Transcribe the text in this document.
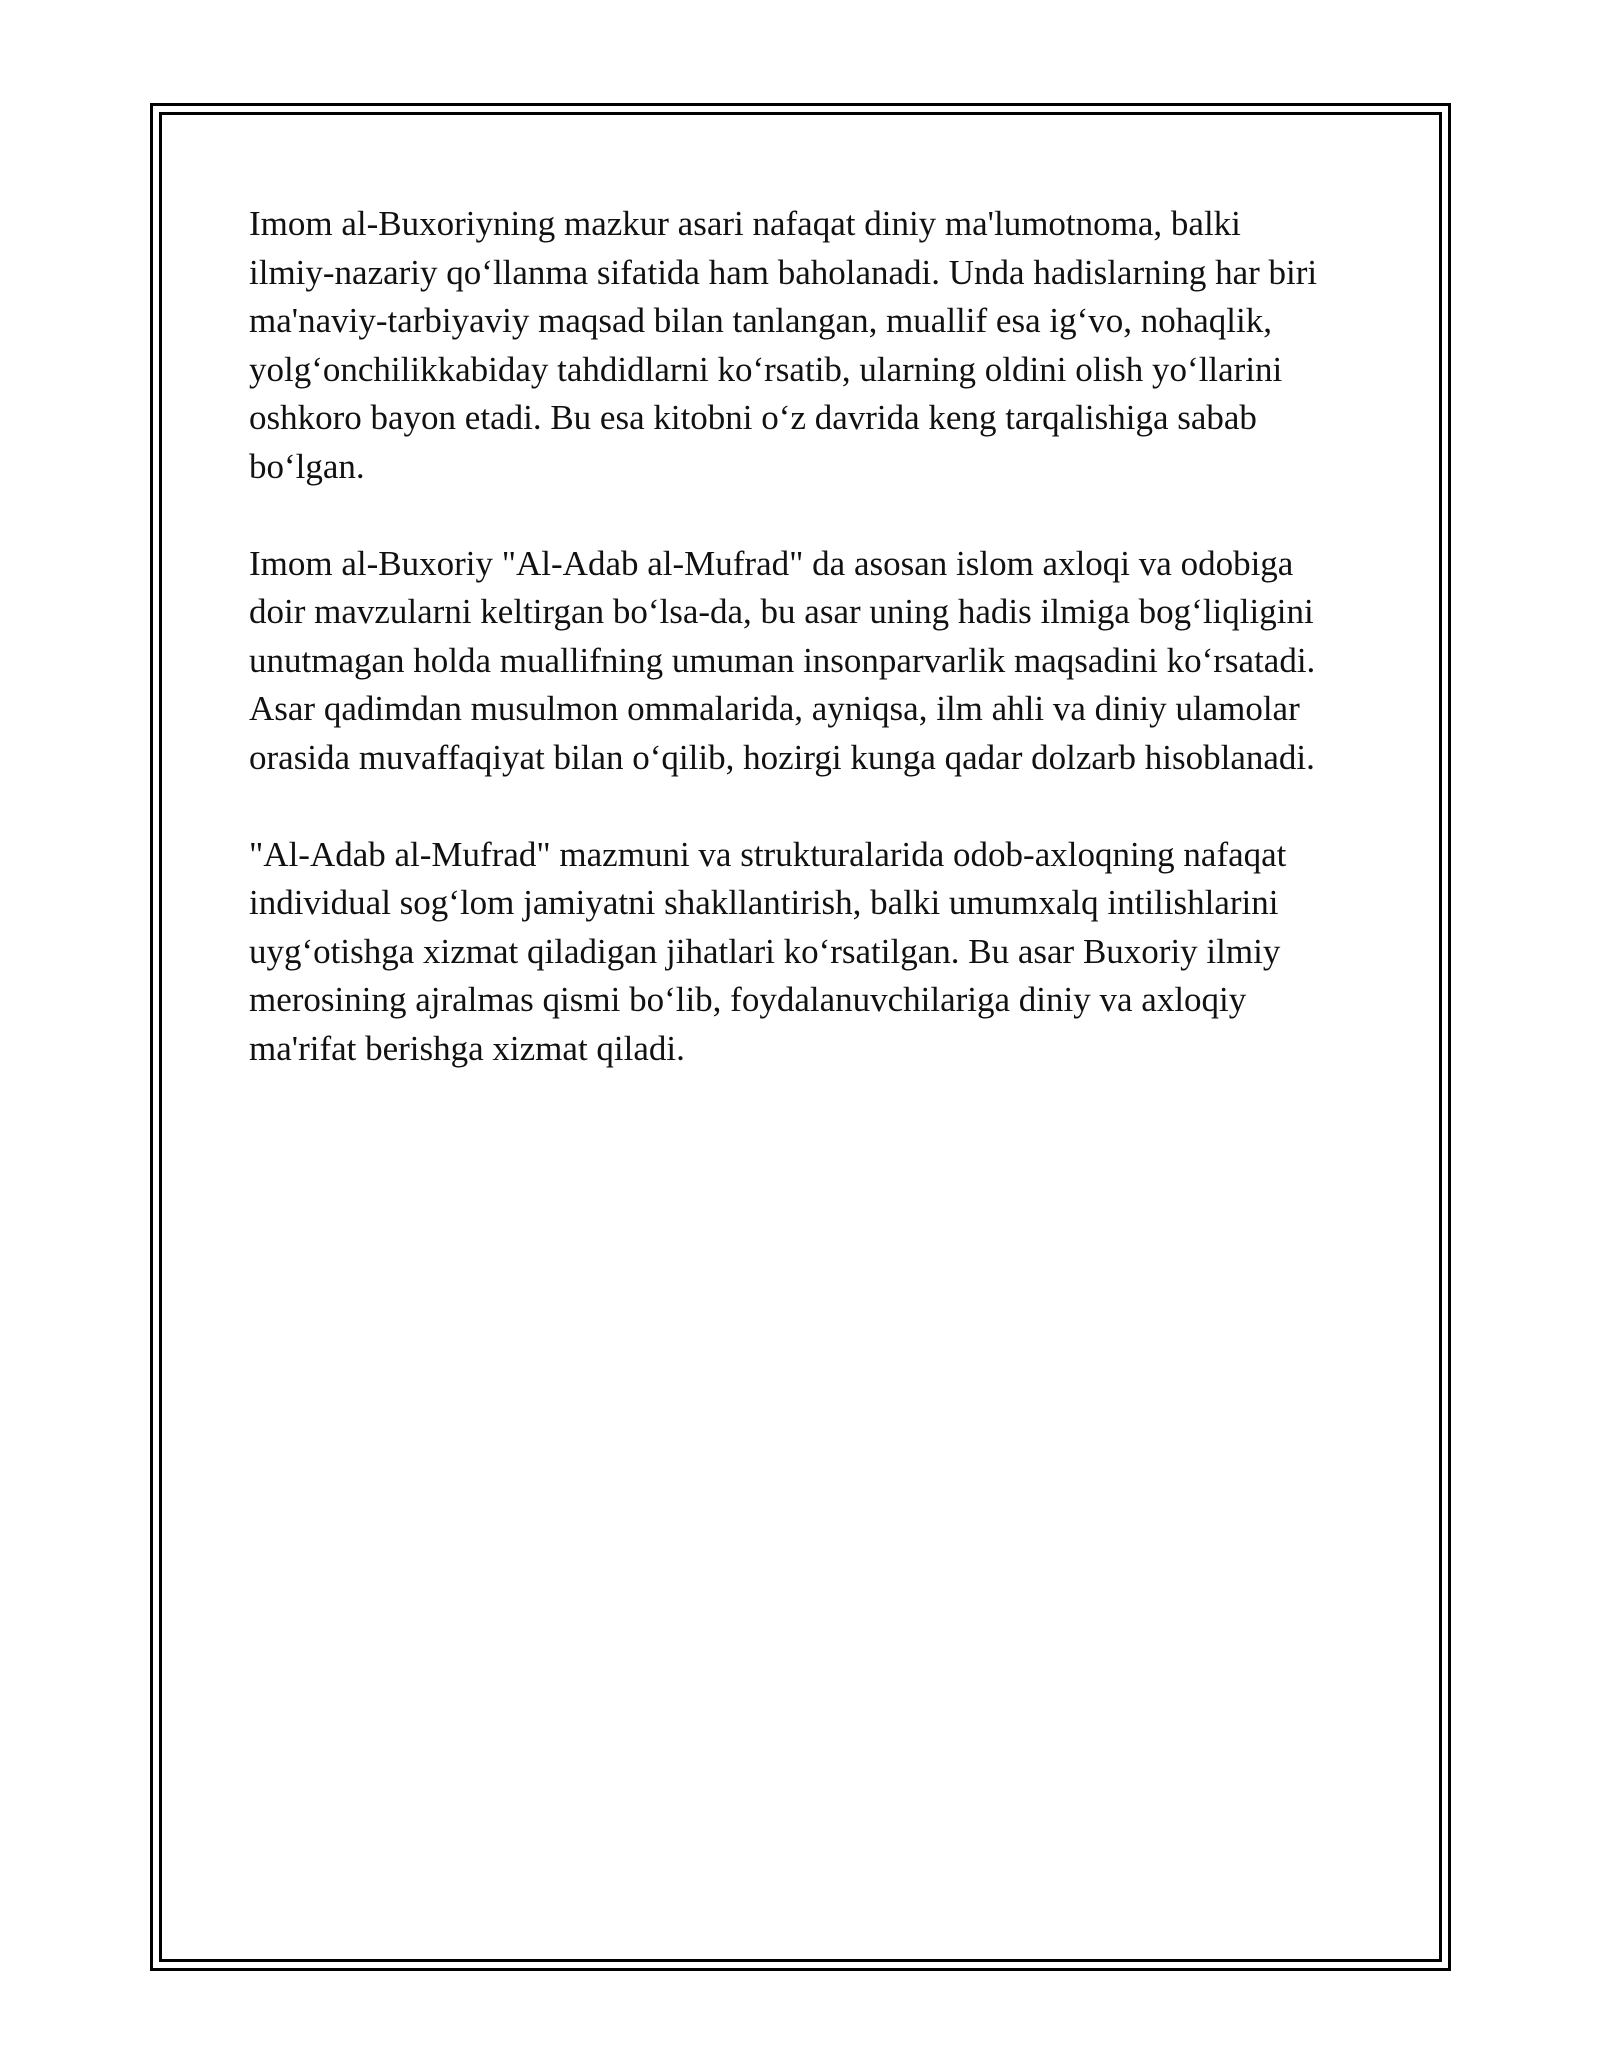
Imom al-Buxoriyning mazkur asari nafaqat diniy ma'lumotnoma, balki
ilmiy-nazariy qo‘llanma sifatida ham baholanadi. Unda hadislarning har biri
ma'naviy-tarbiyaviy maqsad bilan tanlangan, muallif esa ig‘vo, nohaqlik,
yolg‘onchilikkabiday tahdidlarni ko‘rsatib, ularning oldini olish yo‘llarini
oshkoro bayon etadi. Bu esa kitobni o‘z davrida keng tarqalishiga sabab
bo‘lgan.

Imom al-Buxoriy "Al-Adab al-Mufrad" da asosan islom axloqi va odobiga
doir mavzularni keltirgan bo‘lsa-da, bu asar uning hadis ilmiga bog‘liqligini
unutmagan holda muallifning umuman insonparvarlik maqsadini ko‘rsatadi.
Asar qadimdan musulmon ommalarida, ayniqsa, ilm ahli va diniy ulamolar
orasida muvaffaqiyat bilan o‘qilib, hozirgi kunga qadar dolzarb hisoblanadi.

"Al-Adab al-Mufrad" mazmuni va strukturalarida odob-axloqning nafaqat
individual sog‘lom jamiyatni shakllantirish, balki umumxalq intilishlarini
uyg‘otishga xizmat qiladigan jihatlari ko‘rsatilgan. Bu asar Buxoriy ilmiy
merosining ajralmas qismi bo‘lib, foydalanuvchilariga diniy va axloqiy
ma'rifat berishga xizmat qiladi.
